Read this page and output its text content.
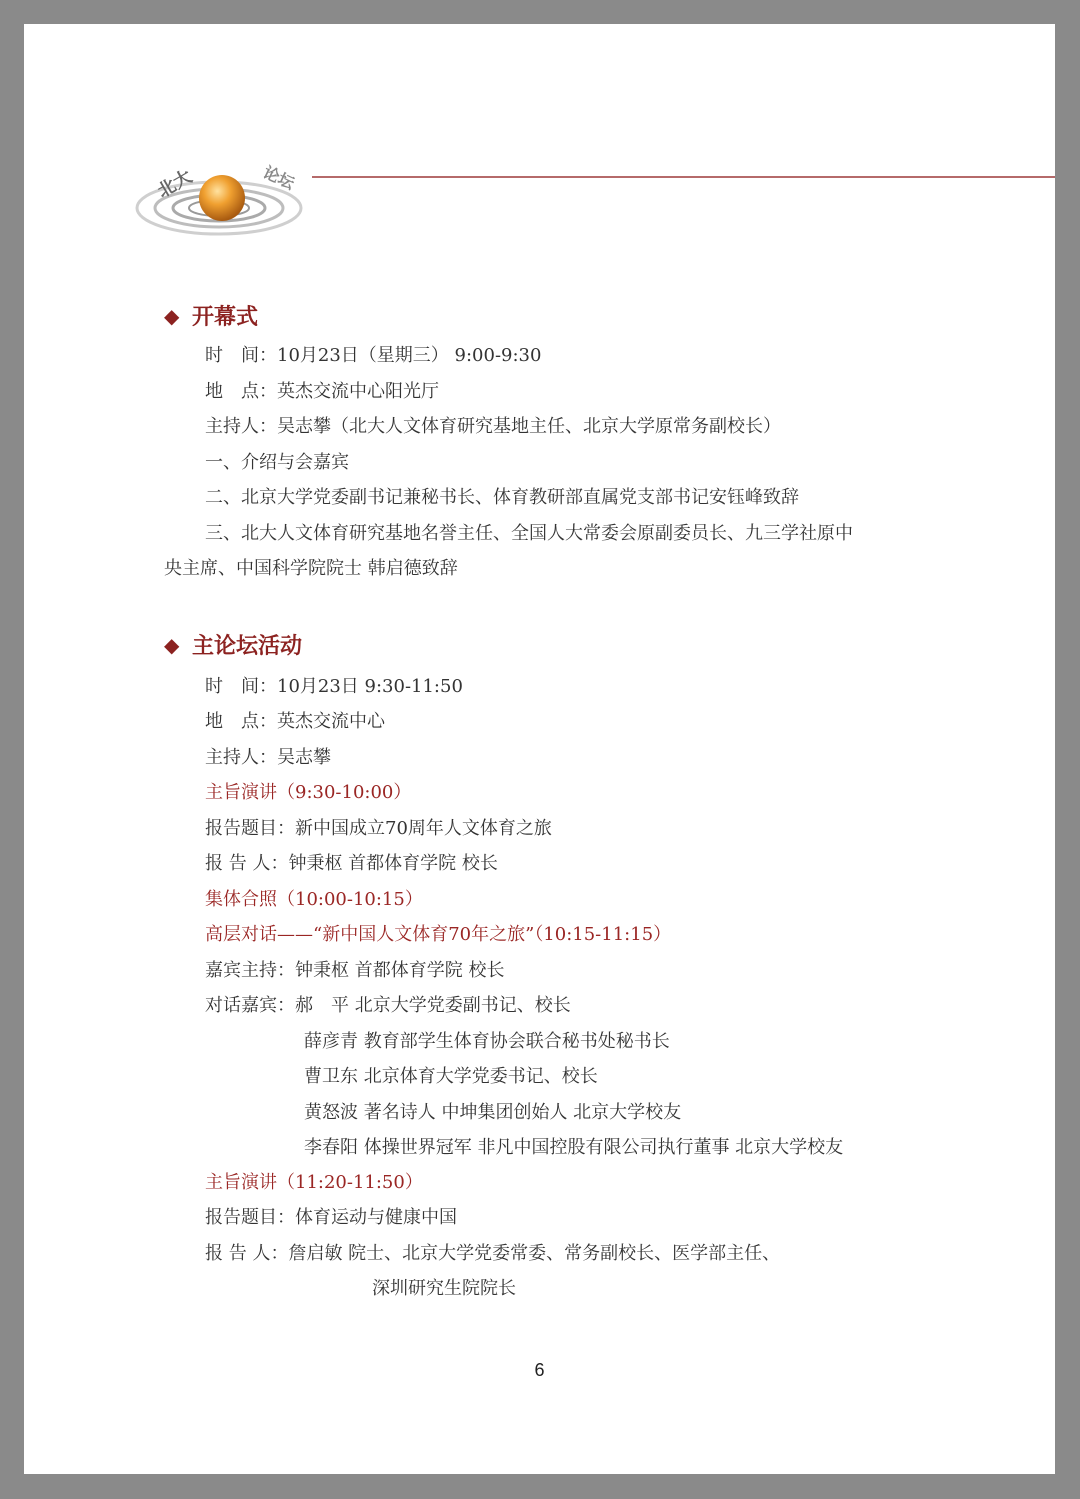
北大	论坛
◆ 开幕式
时　间：10月23日（星期三） 9:00-9:30
地　点：英杰交流中心阳光厅
主持人：吴志攀（北大人文体育研究基地主任、北京大学原常务副校长）
一、介绍与会嘉宾
二、北京大学党委副书记兼秘书长、体育教研部直属党支部书记安钰峰致辞
三、北大人文体育研究基地名誉主任、全国人大常委会原副委员长、九三学社原中
央主席、中国科学院院士 韩启德致辞
◆ 主论坛活动
时　间：10月23日 9:30-11:50
地　点：英杰交流中心
主持人：吴志攀
主旨演讲（9:30-10:00）
报告题目：新中国成立70周年人文体育之旅
报 告 人：钟秉枢 首都体育学院 校长
集体合照（10:00-10:15）
高层对话——“新中国人文体育70年之旅”（10:15-11:15）
嘉宾主持：钟秉枢 首都体育学院 校长
对话嘉宾：郝　平 北京大学党委副书记、校长
薛彦青 教育部学生体育协会联合秘书处秘书长
曹卫东 北京体育大学党委书记、校长
黄怒波 著名诗人 中坤集团创始人 北京大学校友
李春阳 体操世界冠军 非凡中国控股有限公司执行董事 北京大学校友
主旨演讲（11:20-11:50）
报告题目：体育运动与健康中国
报 告 人：詹启敏 院士、北京大学党委常委、常务副校长、医学部主任、
深圳研究生院院长
6
